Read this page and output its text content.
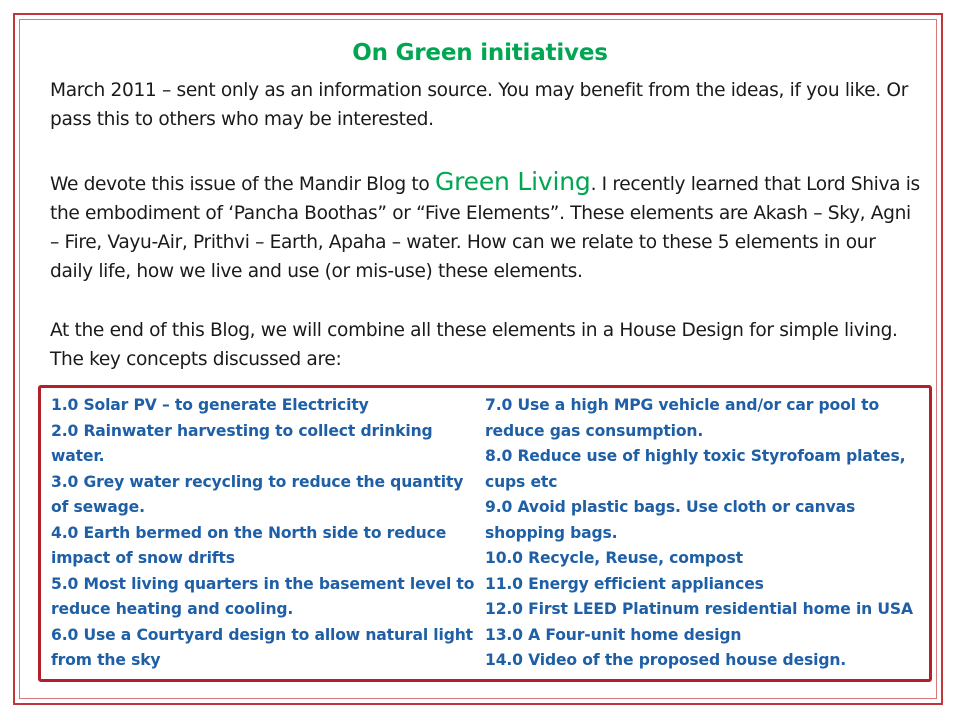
On Green initiatives
March 2011 – sent only as an information source. You may benefit from the ideas, if you like. Or pass this to others who may be interested.
We devote this issue of the Mandir Blog to Green Living. I recently learned that Lord Shiva is the embodiment of ‘Pancha Boothas” or “Five Elements”. These elements are Akash – Sky, Agni – Fire, Vayu-Air, Prithvi – Earth, Apaha – water. How can we relate to these 5 elements in our daily life, how we live and use (or mis-use) these elements.
At the end of this Blog, we will combine all these elements in a House Design for simple living. The key concepts discussed are:

1.0 Solar PV – to generate Electricity

2.0 Rainwater harvesting to collect drinking water.

3.0 Grey water recycling to reduce the quantity of sewage.

4.0 Earth bermed on the North side to reduce impact of snow drifts

5.0 Most living quarters in the basement level to reduce heating and cooling.

6.0 Use a Courtyard design to allow natural light from the sky

7.0 Use a high MPG vehicle and/or car pool to reduce gas consumption.

8.0 Reduce use of highly toxic Styrofoam plates, cups etc

9.0 Avoid plastic bags. Use cloth or canvas shopping bags.

10.0 Recycle, Reuse, compost

11.0 Energy efficient appliances

12.0 First LEED Platinum residential home in USA

13.0 A Four-unit home design

14.0 Video of the proposed house design.
